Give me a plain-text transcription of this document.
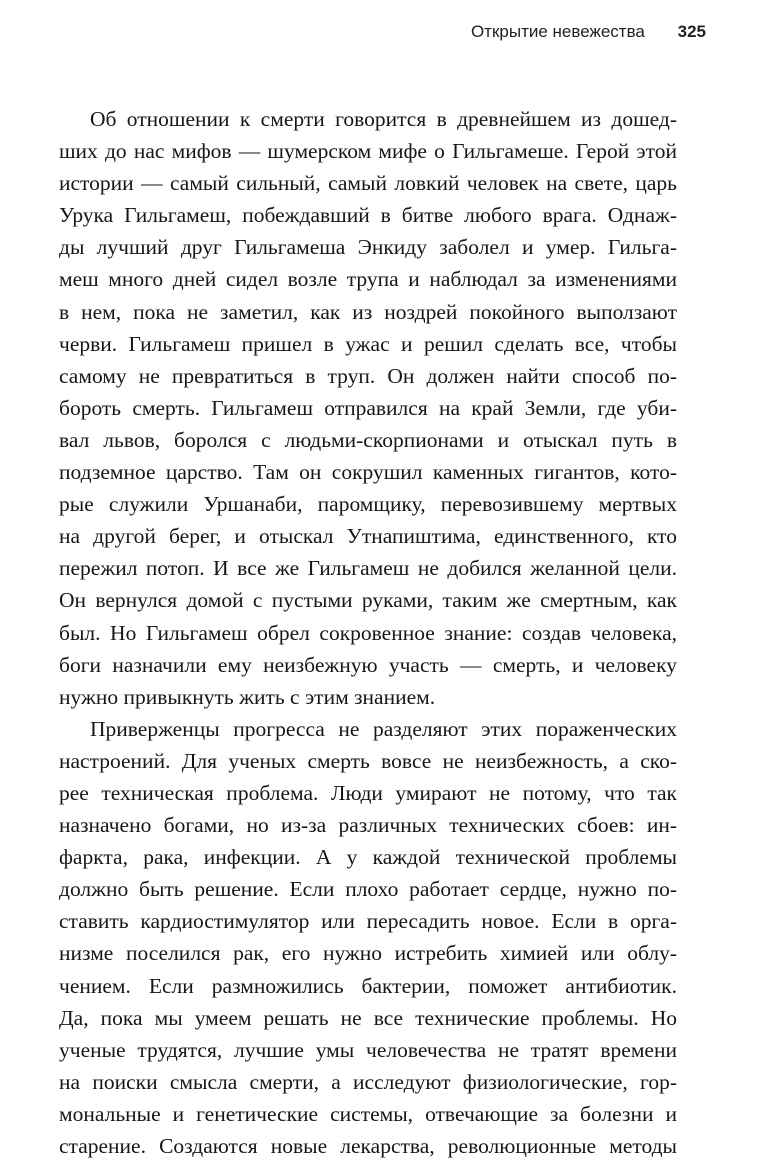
Открытие невежества 325
Об отношении к смерти говорится в древнейшем из дошед-
ших до нас мифов — шумерском мифе о Гильгамеше. Герой этой
истории — самый сильный, самый ловкий человек на свете, царь
Урука Гильгамеш, побеждавший в битве любого врага. Однаж-
ды лучший друг Гильгамеша Энкиду заболел и умер. Гильга-
меш много дней сидел возле трупа и наблюдал за изменениями
в нем, пока не заметил, как из ноздрей покойного выползают
черви. Гильгамеш пришел в ужас и решил сделать все, чтобы
самому не превратиться в труп. Он должен найти способ по-
бороть смерть. Гильгамеш отправился на край Земли, где уби-
вал львов, боролся с людьми-скорпионами и отыскал путь в
подземное царство. Там он сокрушил каменных гигантов, кото-
рые служили Уршанаби, паромщику, перевозившему мертвых
на другой берег, и отыскал Утнапиштима, единственного, кто
пережил потоп. И все же Гильгамеш не добился желанной цели.
Он вернулся домой с пустыми руками, таким же смертным, как
был. Но Гильгамеш обрел сокровенное знание: создав человека,
боги назначили ему неизбежную участь — смерть, и человеку
нужно привыкнуть жить с этим знанием.
Приверженцы прогресса не разделяют этих пораженческих
настроений. Для ученых смерть вовсе не неизбежность, а ско-
рее техническая проблема. Люди умирают не потому, что так
назначено богами, но из-за различных технических сбоев: ин-
фаркта, рака, инфекции. А у каждой технической проблемы
должно быть решение. Если плохо работает сердце, нужно по-
ставить кардиостимулятор или пересадить новое. Если в орга-
низме поселился рак, его нужно истребить химией или облу-
чением. Если размножились бактерии, поможет антибиотик.
Да, пока мы умеем решать не все технические проблемы. Но
ученые трудятся, лучшие умы человечества не тратят времени
на поиски смысла смерти, а исследуют физиологические, гор-
мональные и генетические системы, отвечающие за болезни и
старение. Создаются новые лекарства, революционные методы
